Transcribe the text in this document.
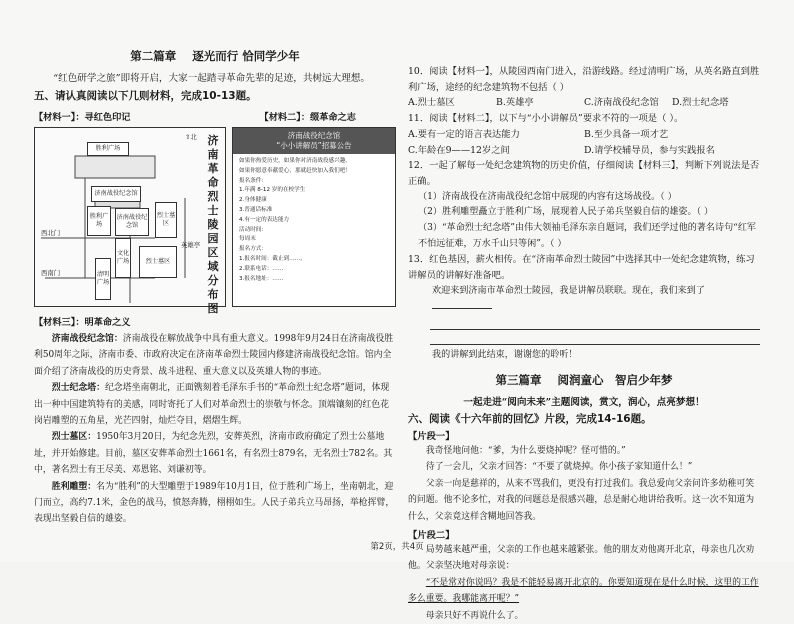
第二篇章 逐光而行 恰同学少年

“红色研学之旅”即将开启，大家一起踏寻革命先辈的足迹，共树远大理想。

五、请认真阅读以下几则材料，完成10-13题。
【材料一】：寻红色印记	【材料二】：缀革命之志
⇧北
胜利广场
济南战役纪念馆
胜利广场
济南战役纪念馆
烈士墓区
文化广场	烈士墓区
清明广场
英雄亭
西北门
西南门
济南革命烈士陵园区域分布图
济南战役纪念馆
“小小讲解员”招募公告
如果你热爱历史，如果你对济南战役感兴趣，
如果你愿意奉献爱心，那就赶快加入我们吧！
报名条件：
1.年满 8-12 岁的在校学生
2.身体健康
3.普通话标准
4.有一定的表达能力
活动时间：
每周末
报名方式：
1.报名时间：截止到……，
2.联系电话：……
3.报名地址：……
【材料三】：明革命之义

济南战役纪念馆：济南战役在解放战争中具有重大意义。1998年9月24日在济南战役胜利50周年之际，济南市委、市政府决定在济南革命烈士陵园内修建济南战役纪念馆。馆内全面介绍了济南战役的历史背景、战斗进程、重大意义以及英雄人物的事迹。

烈士纪念塔：纪念塔坐南朝北，正面镌刻着毛泽东手书的“革命烈士纪念塔”题词，体现出一种中国建筑特有的美感，同时寄托了人们对革命烈士的崇敬与怀念。顶端镶刻的红色花岗岩雕塑的五角星，光芒四射，灿烂夺目，熠熠生辉。

烈士墓区：1950年3月20日，为纪念先烈，安葬英烈，济南市政府确定了烈士公墓地址，并开始修建。目前，墓区安葬革命烈士1661名，有名烈士879名，无名烈士782名。其中，著名烈士有王尽美、邓恩铭、刘谦初等。

胜利雕塑：名为“胜利”的大型雕塑于1989年10月1日，位于胜利广场上，坐南朝北，迎门而立，高约7.1米，金色的战马，愤怒奔腾，栩栩如生。人民子弟兵立马昂扬，举枪挥臂，表现出坚毅自信的雄姿。

10．阅读【材料一】，从陵园西南门进入，沿游线路。经过清明广场，从英名路直到胜利广场，途经的纪念建筑物不包括（ ）

A.烈士墓区	B.英雄亭	C.济南战役纪念馆	D.烈士纪念塔

11．阅读【材料二】，以下与“小小讲解员”要求不符的一项是（ ）。

A.要有一定的语言表达能力	B.至少具备一项才艺
C.年龄在9——12岁之间	D.请学校辅导员，参与实践报名

12．一起了解每一处纪念建筑物的历史价值，仔细阅读【材料三】，判断下列说法是否正确。

（1）济南战役在济南战役纪念馆中展现的内容有这场战役。（ ）

（2）胜利雕塑矗立于胜利广场，展现着人民子弟兵坚毅自信的雄姿。（ ）

（3）“革命烈士纪念塔”由伟大领袖毛泽东亲自题词，我们还学过他的著名诗句“红军不怕远征难，万水千山只等闲”。（ ）

13．红色基因，薪火相传。在“济南革命烈士陵园”中选择其中一处纪念建筑物，练习讲解员的讲解好准备吧。

欢迎来到济南市革命烈士陵园，我是讲解员联联。现在，我们来到了

我的讲解到此结束，谢谢您的聆听！

第三篇章 阅润童心　智启少年梦
一起走进“阅向未来”主题阅读，赏文，润心，点亮梦想！
六、阅读《十六年前的回忆》片段，完成14-16题。
【片段一】

我奇怪地问他：“爹，为什么要烧掉呢？怪可惜的。”

待了一会儿，父亲才回答：“不要了就烧掉。你小孩子家知道什么！”

父亲一向是慈祥的，从来不骂我们，更没有打过我们。我总爱向父亲问许多幼稚可笑的问题。他不论多忙，对我的问题总是很感兴趣，总是耐心地讲给我听。这一次不知道为什么，父亲竟这样含糊地回答我。

【片段二】

局势越来越严重，父亲的工作也越来越紧张。他的朋友劝他离开北京，母亲也几次劝他。父亲坚决地对母亲说：

“不是常对你说吗？我是不能轻易离开北京的。你要知道现在是什么时候，这里的工作多么重要。我哪能离开呢？”

母亲只好不再说什么了。

第2页，共4页
